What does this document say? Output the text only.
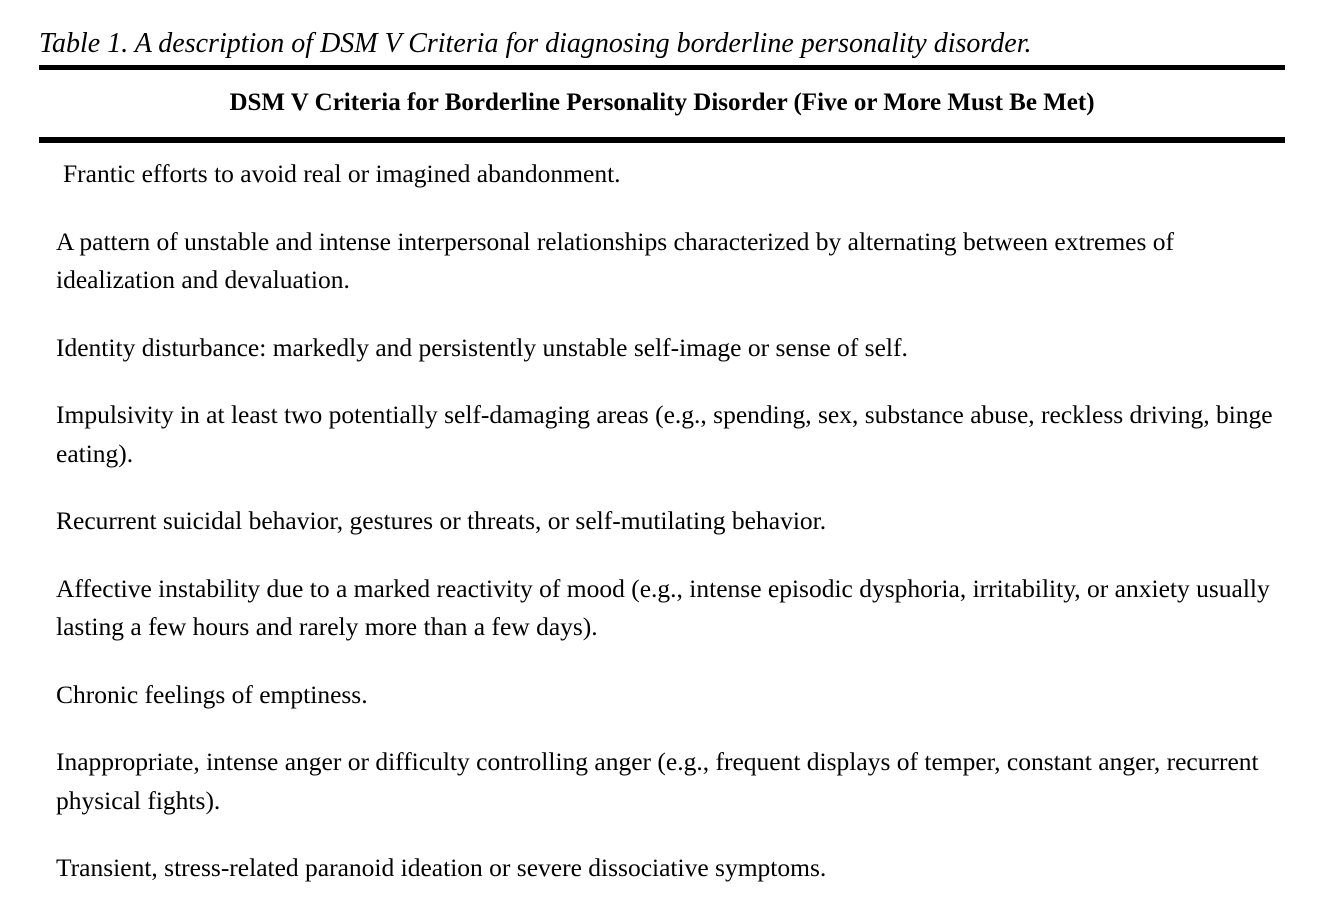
Table 1. A description of DSM V Criteria for diagnosing borderline personality disorder.
DSM V Criteria for Borderline Personality Disorder (Five or More Must Be Met)
Frantic efforts to avoid real or imagined abandonment.
A pattern of unstable and intense interpersonal relationships characterized by alternating between extremes of idealization and devaluation.
Identity disturbance: markedly and persistently unstable self-image or sense of self.
Impulsivity in at least two potentially self-damaging areas (e.g., spending, sex, substance abuse, reckless driving, binge eating).
Recurrent suicidal behavior, gestures or threats, or self-mutilating behavior.
Affective instability due to a marked reactivity of mood (e.g., intense episodic dysphoria, irritability, or anxiety usually lasting a few hours and rarely more than a few days).
Chronic feelings of emptiness.
Inappropriate, intense anger or difficulty controlling anger (e.g., frequent displays of temper, constant anger, recurrent physical fights).
Transient, stress-related paranoid ideation or severe dissociative symptoms.
